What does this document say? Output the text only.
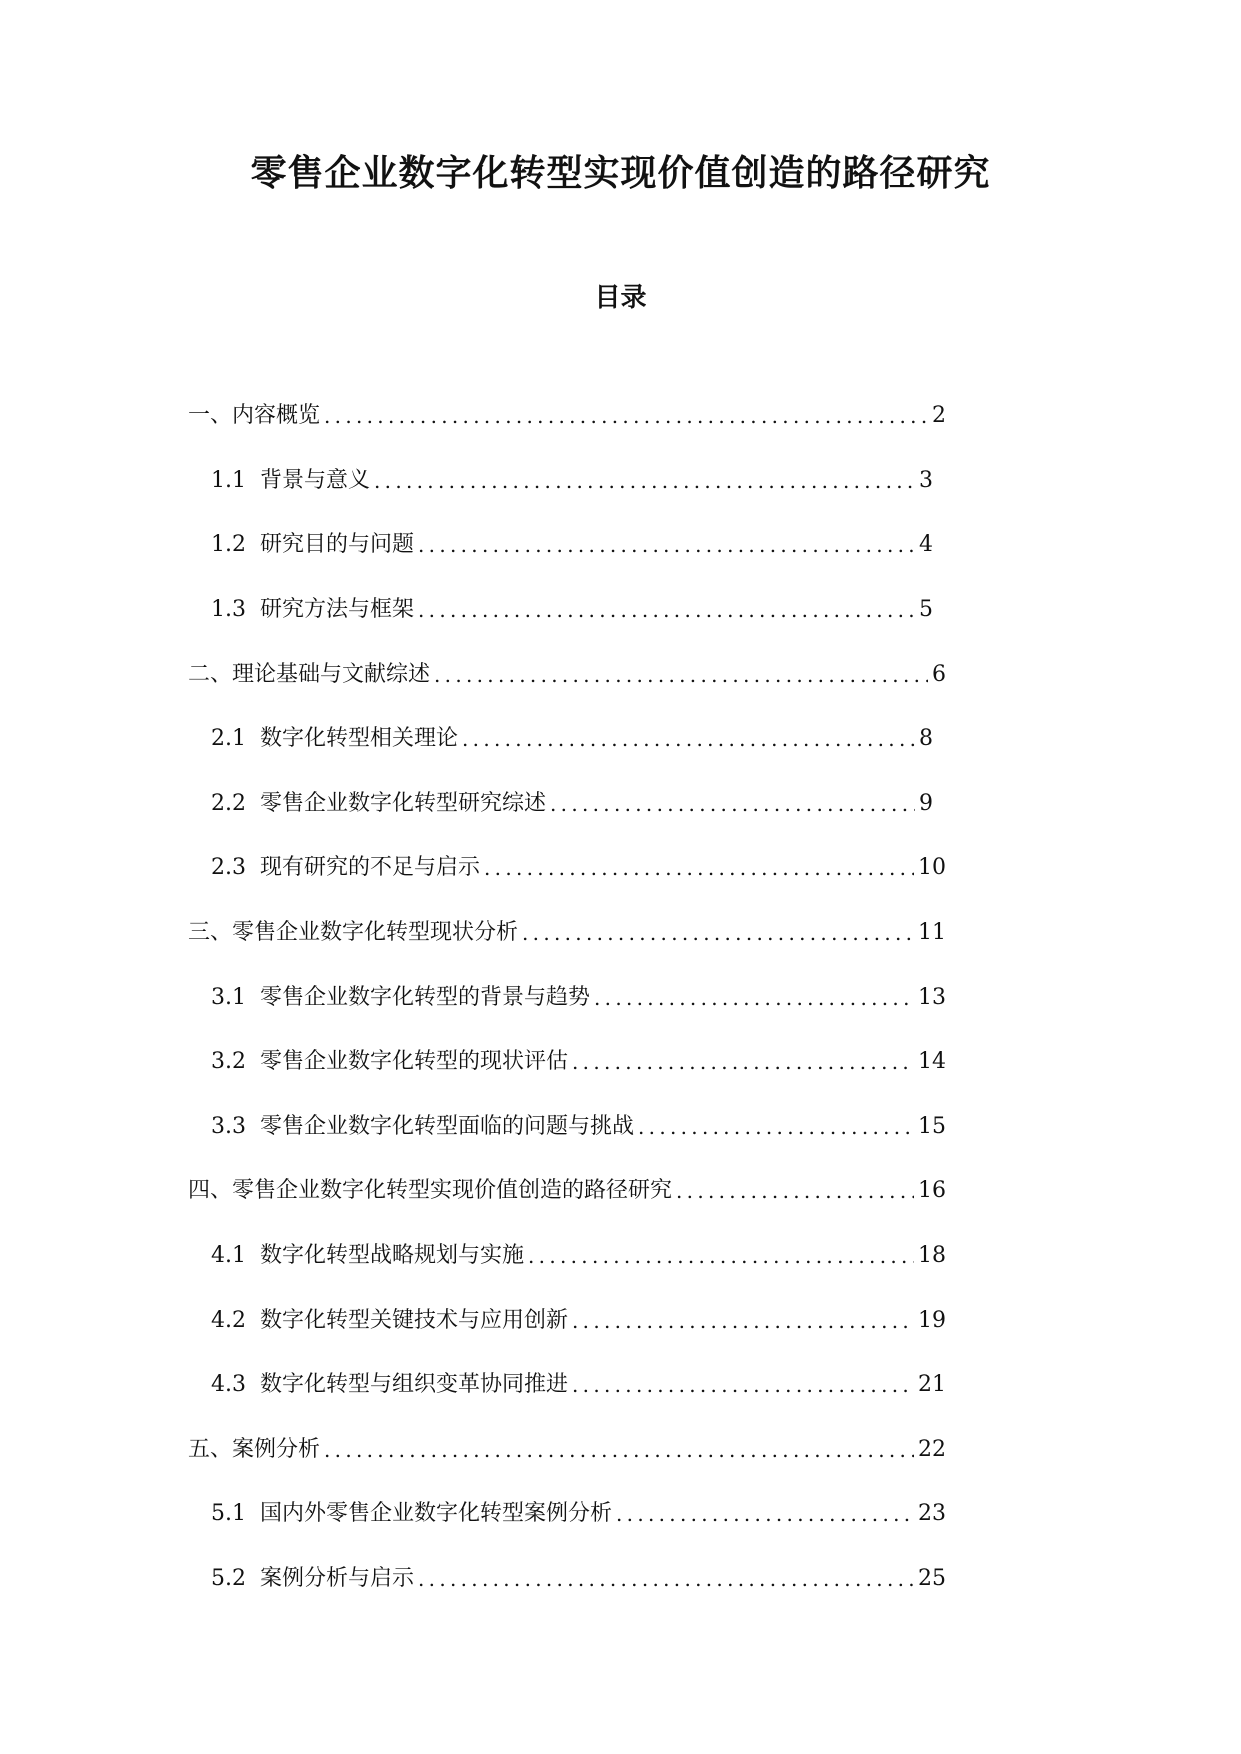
零售企业数字化转型实现价值创造的路径研究
目录
一、内容概览 .....	2
1.1 背景与意义 .....	3
1.2 研究目的与问题 .....	4
1.3 研究方法与框架 .....	5
二、理论基础与文献综述 .....	6
2.1 数字化转型相关理论 .....	8
2.2 零售企业数字化转型研究综述 .....	9
2.3 现有研究的不足与启示 .....	10
三、零售企业数字化转型现状分析 .....	11
3.1 零售企业数字化转型的背景与趋势 .....	13
3.2 零售企业数字化转型的现状评估 .....	14
3.3 零售企业数字化转型面临的问题与挑战 .....	15
四、零售企业数字化转型实现价值创造的路径研究 .....	16
4.1 数字化转型战略规划与实施 .....	18
4.2 数字化转型关键技术与应用创新 .....	19
4.3 数字化转型与组织变革协同推进 .....	21
五、案例分析 .....	22
5.1 国内外零售企业数字化转型案例分析 .....	23
5.2 案例分析与启示 .....	25
